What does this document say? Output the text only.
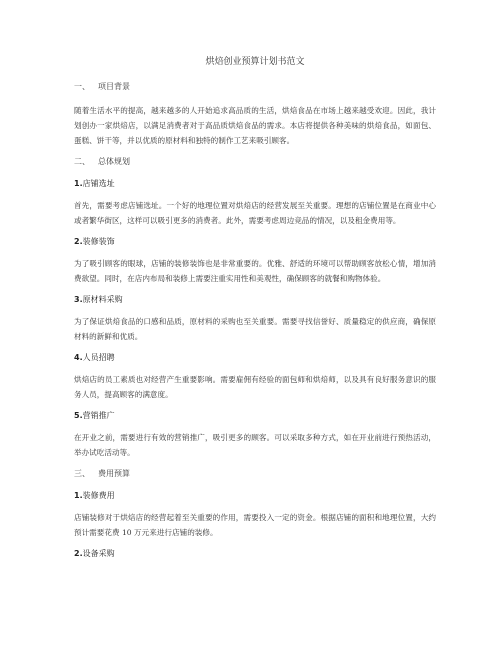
烘焙创业预算计划书范文
一、 项目背景
随着生活水平的提高，越来越多的人开始追求高品质的生活，烘焙食品在市场上越来越受欢迎。因此，我计划创办一家烘焙店，以满足消费者对于高品质烘焙食品的需求。本店将提供各种美味的烘焙食品，如面包、蛋糕、饼干等，并以优质的原材料和独特的制作工艺来吸引顾客。
二、 总体规划
1.店铺选址
首先，需要考虑店铺选址。一个好的地理位置对烘焙店的经营发展至关重要。理想的店铺位置是在商业中心或者繁华街区，这样可以吸引更多的消费者。此外，需要考虑周边竞品的情况，以及租金费用等。
2.装修装饰
为了吸引顾客的眼球，店铺的装修装饰也是非常重要的。优雅、舒适的环境可以帮助顾客放松心情，增加消费欲望。同时，在店内布局和装修上需要注重实用性和美观性，确保顾客的就餐和购物体验。
3.原材料采购
为了保证烘焙食品的口感和品质，原材料的采购也至关重要。需要寻找信誉好、质量稳定的供应商，确保原材料的新鲜和优质。
4.人员招聘
烘焙店的员工素质也对经营产生重要影响。需要雇佣有经验的面包师和烘焙师，以及具有良好服务意识的服务人员，提高顾客的满意度。
5.营销推广
在开业之前，需要进行有效的营销推广，吸引更多的顾客。可以采取多种方式，如在开业前进行预热活动，举办试吃活动等。
三、 费用预算
1.装修费用
店铺装修对于烘焙店的经营起着至关重要的作用，需要投入一定的资金。根据店铺的面积和地理位置，大约预计需要花费 10 万元来进行店铺的装修。
2.设备采购
